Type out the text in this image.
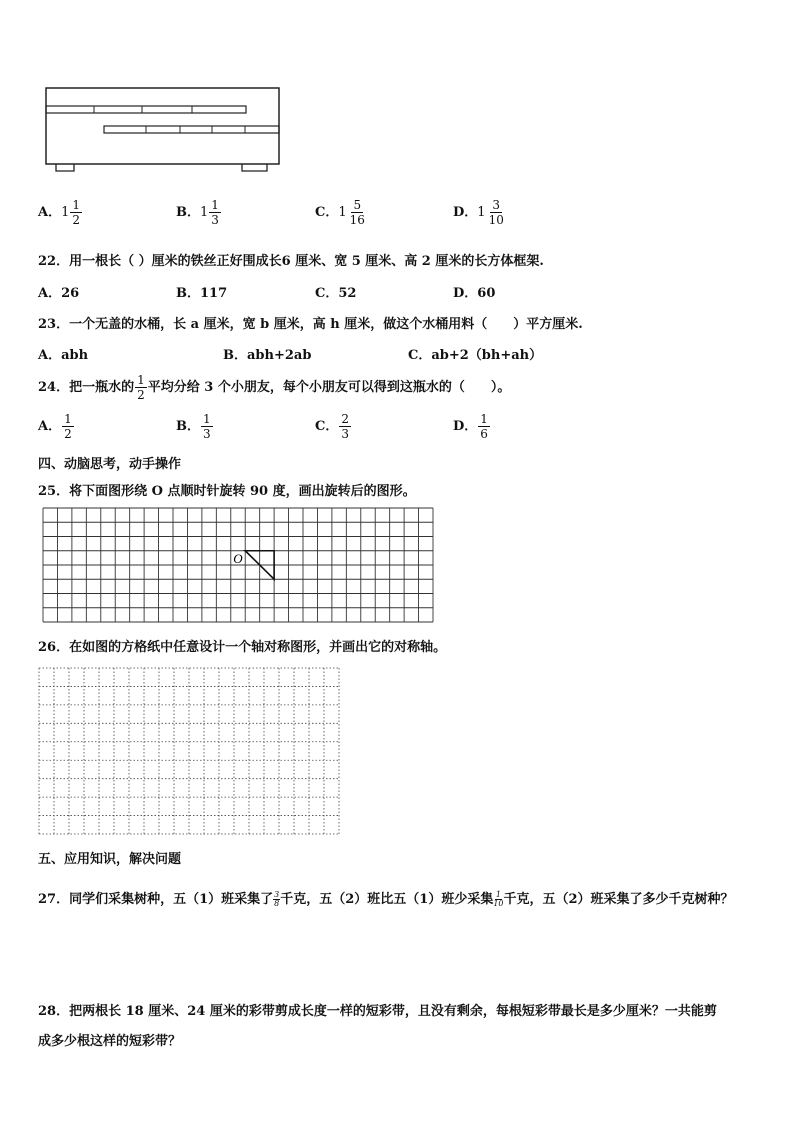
A．$1 \frac{1}{2}$	B．$1 \frac{1}{3}$	C．$1 \frac{5}{16}$	D．$1 \frac{3}{10}$
22．用一根长（ ）厘米的铁丝正好围成长6 厘米、宽 5 厘米、高 2 厘米的长方体框架.
A．26	B．117	C．52	D．60
23．一个无盖的水桶，长 a 厘米，宽 b 厘米，高 h 厘米，做这个水桶用料（　　）平方厘米.
A．abh	B．abh+2ab	C．ab+2（bh+ah）
24．把一瓶水的 $\frac{1}{2}$ 平均分给 3 个小朋友，每个小朋友可以得到这瓶水的（　　）。
A． $\frac{1}{2}$	B． $\frac{1}{3}$	C． $\frac{2}{3}$	D． $\frac{1}{6}$
四、动脑思考，动手操作
25．将下面图形绕 O 点顺时针旋转 90 度，画出旋转后的图形。
O
26．在如图的方格纸中任意设计一个轴对称图形，并画出它的对称轴。
五、应用知识，解决问题
27．同学们采集树种，五（1）班采集了 $\frac{3}{8}$ 千克，五（2）班比五（1）班少采集 $\frac{1}{10}$ 千克，五（2）班采集了多少千克树种？
28．把两根长 18 厘米、24 厘米的彩带剪成长度一样的短彩带，且没有剩余，每根短彩带最长是多少厘米？一共能剪
成多少根这样的短彩带？
